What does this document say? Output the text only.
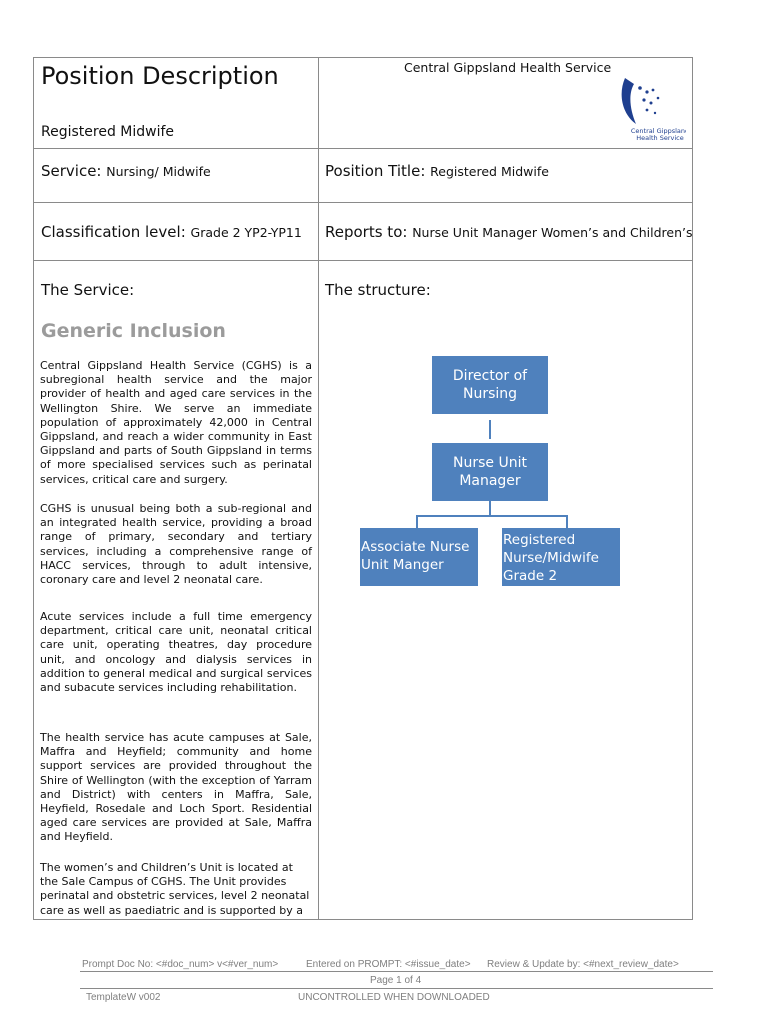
Position Description
Registered Midwife
Central Gippsland Health Service
Central Gippsland
Health Service
Service: Nursing/ Midwife	Position Title: Registered Midwife
Classification level: Grade 2 YP2-YP11 Reports to: Nurse Unit Manager Women’s and Children’s
The Service:	The structure:
Generic Inclusion
Central Gippsland Health Service (CGHS) is a subregional health service and the major provider of health and aged care services in the Wellington Shire. We serve an immediate population of approximately 42,000 in Central Gippsland, and reach a wider community in East Gippsland and parts of South Gippsland in terms of more specialised services such as perinatal services, critical care and surgery.
CGHS is unusual being both a sub-regional and an integrated health service, providing a broad range of primary, secondary and tertiary services, including a comprehensive range of HACC services, through to adult intensive, coronary care and level 2 neonatal care.
Acute services include a full time emergency department, critical care unit, neonatal critical care unit, operating theatres, day procedure unit, and oncology and dialysis services in addition to general medical and surgical services and subacute services including rehabilitation.
The health service has acute campuses at Sale, Maffra and Heyfield; community and home support services are provided throughout the Shire of Wellington (with the exception of Yarram and District) with centers in Maffra, Sale, Heyfield, Rosedale and Loch Sport. Residential aged care services are provided at Sale, Maffra and Heyfield.
The women’s and Children’s Unit is located at the Sale Campus of CGHS. The Unit provides perinatal and obstetric services, level 2 neonatal care as well as paediatric and is supported by a
Director of Nursing
Nurse Unit Manager
Associate Nurse Unit Manger
Registered Nurse/Midwife Grade 2
Prompt Doc No: <#doc_num> v<#ver_num>	Entered on PROMPT: <#issue_date> Review & Update by: <#next_review_date>
Page 1 of 4
TemplateW v002	UNCONTROLLED WHEN DOWNLOADED
